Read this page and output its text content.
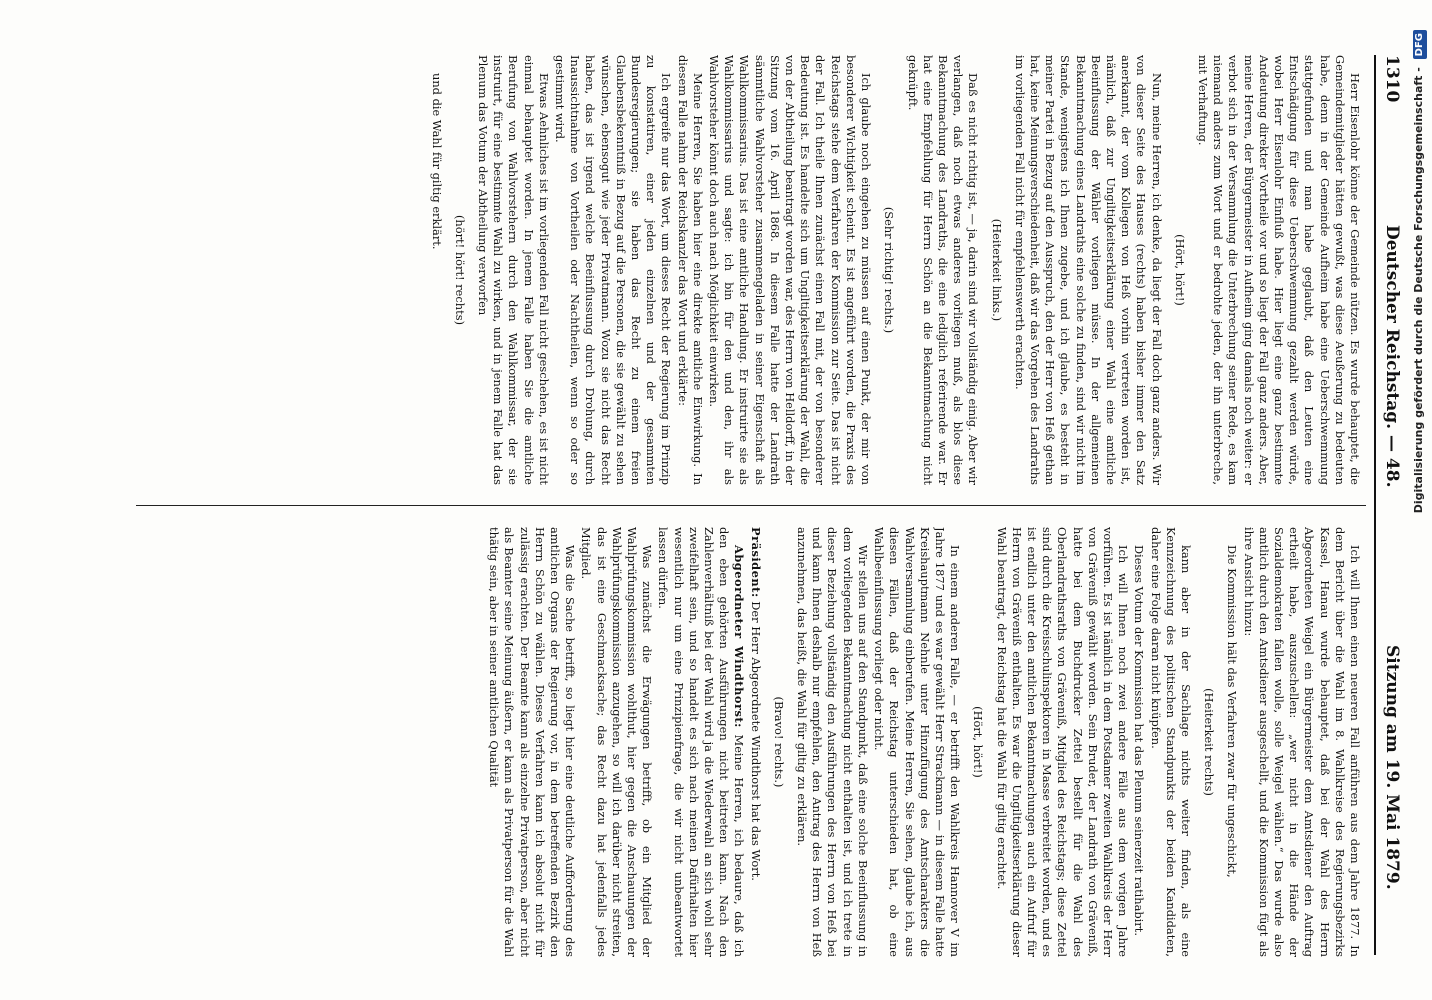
1310
Deutscher Reichstag. — 48.
Sitzung am 19. Mai 1879.

Herr Eisenlohr könne der Gemeinde nützen. Es wurde behauptet, die Gemeindemitglieder hätten gewußt, was diese Aeußerung zu bedeuten habe, denn in der Gemeinde Aufheim habe eine Ueberschwemmung stattgefunden und man habe geglaubt, daß den Leuten eine Entschädigung für diese Ueberschwemmung gezahlt werden würde, wobei Herr Eisenlohr Einfluß habe. Hier liegt eine ganz bestimmte Andeutung direkter Vortheile vor und so liegt der Fall ganz anders. Aber, meine Herren, der Bürgermeister in Aufheim ging damals noch weiter: er verbot sich in der Versammlung die Unterbrechung seiner Rede, es kam niemand anders zum Wort und er bedrohte jeden, der ihn unterbreche, mit Verhaftung.

(Hört, hört!)

Nun, meine Herren, ich denke, da liegt der Fall doch ganz anders. Wir von dieser Seite des Hauses (rechts) haben bisher immer den Satz anerkannt, der vom Kollegen von Heß vorhin vertreten worden ist, nämlich, daß zur Ungiltigkeitserklärung einer Wahl eine amtliche Beeinflussung der Wähler vorliegen müsse. In der allgemeinen Bekanntmachung eines Landraths eine solche zu finden, sind wir nicht im Stande, wenigstens ich Ihnen zugebe, und ich glaube, es besteht in meiner Partei in Bezug auf den Ausspruch, den der Herr von Heß gethan hat, keine Meinungsverschiedenheit, daß wir das Vorgehen des Landraths im vorliegenden Fall nicht für empfehlenswerth erachten.

(Heiterkeit links.)

Daß es nicht richtig ist, — ja, darin sind wir vollständig einig. Aber wir verlangen, daß noch etwas anderes vorliegen muß, als blos diese Bekanntmachung des Landraths, die eine lediglich referirende war. Er hat eine Empfehlung für Herrn Schön an die Bekanntmachung nicht geknüpft.

(Sehr richtig! rechts.)

Ich glaube noch eingehen zu müssen auf einen Punkt, der mir von besonderer Wichtigkeit scheint. Es ist angeführt worden, die Praxis des Reichstags stehe dem Verfahren der Kommission zur Seite. Das ist nicht der Fall. Ich theile Ihnen zunächst einen Fall mit, der von besonderer Bedeutung ist. Es handelte sich um Ungiltigkeitserklärung der Wahl, die von der Abtheilung beantragt worden war, des Herrn von Helldorff, in der Sitzung vom 16. April 1868. In diesem Falle hatte der Landrath sämmtliche Wahlvorsteher zusammengeladen in seiner Eigenschaft als Wahlkommissarius. Das ist eine amtliche Handlung. Er instruirte sie als Wahlkommissarius und sagte: ich bin für den und den, ihr als Wahlvorsteher könnt doch auch nach Möglichkeit einwirken.

Meine Herren, Sie haben hier eine direkte amtliche Einwirkung. In diesem Falle nahm der Reichskanzler das Wort und erklärte:

Ich ergreife nur das Wort, um dieses Recht der Regierung im Prinzip zu konstatiren, einer jeden einzelnen und der gesammten Bundesregierungen; sie haben das Recht zu einem freien Glaubensbekenntniß in Bezug auf die Personen, die sie gewählt zu sehen wünschen, ebensogut wie jeder Privatmann. Wozu sie nicht das Recht haben, das ist irgend welche Beeinflussung durch Drohung, durch Inaussichtnahme von Vortheilen oder Nachtheilen, wenn so oder so gestimmt wird.

Etwas Aehnliches ist im vorliegenden Fall nicht geschehen, es ist nicht einmal behauptet worden. In jenem Falle haben Sie die amtliche Berufung von Wahlvorstehern durch den Wahlkommissar, der sie instruirt, für eine bestimmte Wahl zu wirken, und in jenem Falle hat das Plenum das Votum der Abtheilung verworfen

(hört! hört! rechts)

und die Wahl für giltig erklärt.

Ich will Ihnen einen neueren Fall anführen aus dem Jahre 1877. In dem Bericht über die Wahl im 8. Wahlkreise des Regierungsbezirks Kassel, Hanau wurde behauptet, daß bei der Wahl des Herrn Abgeordneten Weigel ein Bürgermeister dem Amtsdiener den Auftrag ertheilt habe, auszuschellen: „wer nicht in die Hände der Sozialdemokraten fallen wolle, solle Weigel wählen.“ Das wurde also amtlich durch den Amtsdiener ausgeschellt, und die Kommission fügt als ihre Ansicht hinzu:

Die Kommission hält das Verfahren zwar für ungeschickt,

(Heiterkeit rechts)

kann aber in der Sachlage nichts weiter finden, als eine Kennzeichnung des politischen Standpunkts der beiden Kandidaten, daher eine Folge daran nicht knüpfen.

Dieses Votum der Kommission hat das Plenum seinerzeit ratihabirt.

Ich will Ihnen noch zwei andere Fälle aus dem vorigen Jahre vorführen. Es ist nämlich in dem Potsdamer zweiten Wahlkreis der Herr von Gräveniß gewählt worden. Sein Bruder, der Landrath von Gräveniß, hatte bei dem Buchdrucker Zettel bestellt für die Wahl des Oberlandrathsraths von Gräveniß, Mitglied des Reichstags; diese Zettel sind durch die Kreisschulinspektoren in Masse verbreitet worden, und es ist endlich unter den amtlichen Bekanntmachungen auch ein Aufruf für Herrn von Gräveniß enthalten. Es war die Ungiltigkeitserklärung dieser Wahl beantragt, der Reichstag hat die Wahl für giltig erachtet.

(Hört, hört!)

In einem anderen Falle, — er betrifft den Wahlkreis Hannover V im Jahre 1877 und es war gewählt Herr Strackmann — in diesem Falle hatte Kreishauptmann Nehnle unter Hinzufügung des Amtscharakters die Wahlversammlung einberufen. Meine Herren, Sie sehen, glaube ich, aus diesen Fällen, daß der Reichstag unterschieden hat, ob eine Wahlbeeinflussung vorliegt oder nicht.

Wir stellen uns auf den Standpunkt, daß eine solche Beeinflussung in dem vorliegenden Bekanntmachung nicht enthalten ist, und ich trete in dieser Beziehung vollständig den Ausführungen des Herrn von Heß bei und kann Ihnen deshalb nur empfehlen, den Antrag des Herrn von Heß anzunehmen, das heißt, die Wahl für giltig zu erklären.

(Bravo! rechts.)

Präsident: Der Herr Abgeordnete Windthorst hat das Wort.

Abgeordneter Windthorst: Meine Herren, ich bedaure, daß ich den eben gehörten Ausführungen nicht beitreten kann. Nach den Zahlenverhältniß bei der Wahl wird ja die Wiederwahl an sich wohl sehr zweifelhaft sein, und so handelt es sich nach meinen Dafürhalten hier wesentlich nur um eine Prinzipienfrage, die wir nicht unbeantwortet lassen dürfen.

Was zunächst die Erwägungen betrifft, ob ein Mitglied der Wahlprüfungskommission wohlthut, hier gegen die Anschauungen der Wahlprüfungskommission anzugehen, so will ich darüber nicht streiten, das ist eine Geschmacksache; das Recht dazu hat jedenfalls jedes Mitglied.

Was die Sache betrifft, so liegt hier eine deutliche Aufforderung des amtlichen Organs der Regierung vor, in dem betreffenden Bezirk den Herrn Schön zu wählen. Dieses Verfahren kann ich absolut nicht für zulässig erachten. Der Beamte kann als einzelne Privatperson, aber nicht als Beamter seine Meinung äußern, er kann als Privatperson für die Wahl thätig sein, aber in seiner amtlichen Qualität

Digitalisierung gefördert durch die Deutsche Forschungsgemeinschaft - DFG
